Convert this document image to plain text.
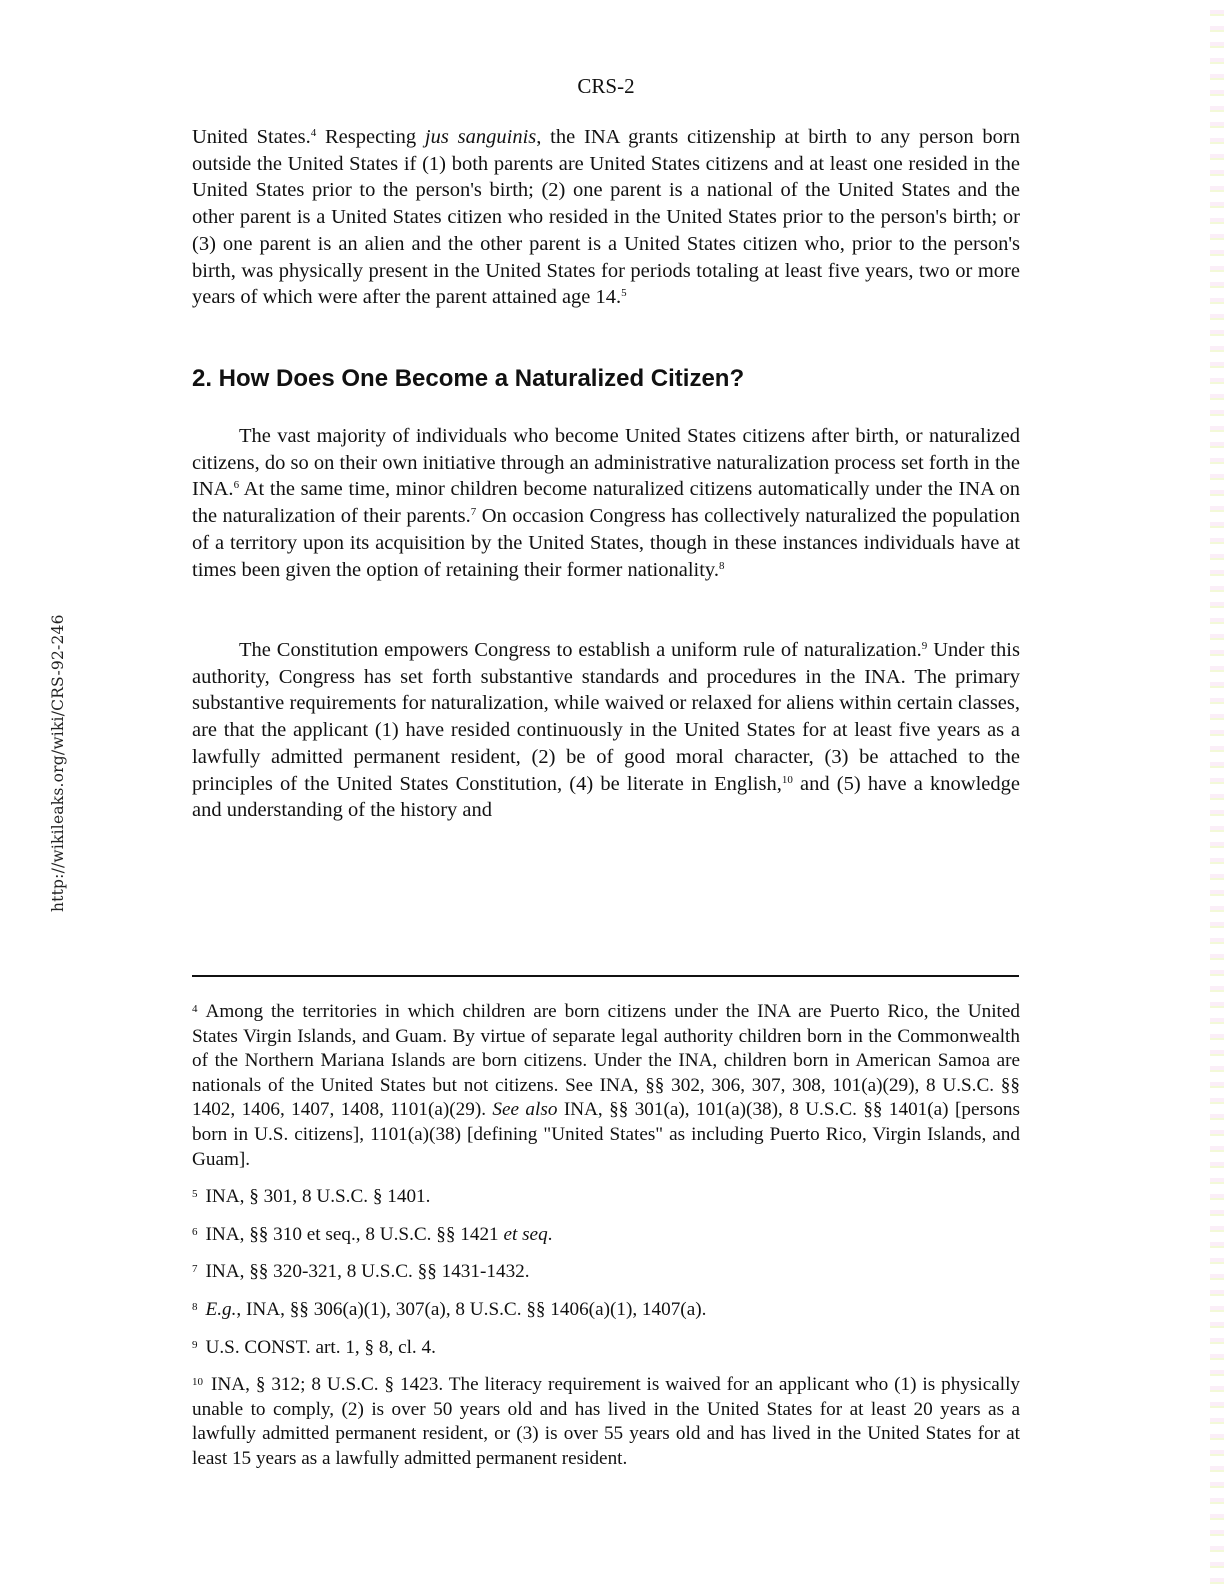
http://wikileaks.org/wiki/CRS-92-246
CRS-2
United States.$^4$ Respecting jus sanguinis, the INA grants citizenship at birth to any person born outside the United States if (1) both parents are United States citizens and at least one resided in the United States prior to the person's birth; (2) one parent is a national of the United States and the other parent is a United States citizen who resided in the United States prior to the person's birth; or (3) one parent is an alien and the other parent is a United States citizen who, prior to the person's birth, was physically present in the United States for periods totaling at least five years, two or more years of which were after the parent attained age 14.$^5$
2. How Does One Become a Naturalized Citizen?
The vast majority of individuals who become United States citizens after birth, or naturalized citizens, do so on their own initiative through an administrative naturalization process set forth in the INA.$^6$ At the same time, minor children become naturalized citizens automatically under the INA on the naturalization of their parents.$^7$ On occasion Congress has collectively naturalized the population of a territory upon its acquisition by the United States, though in these instances individuals have at times been given the option of retaining their former nationality.$^8$
The Constitution empowers Congress to establish a uniform rule of naturalization.$^9$ Under this authority, Congress has set forth substantive standards and procedures in the INA. The primary substantive requirements for naturalization, while waived or relaxed for aliens within certain classes, are that the applicant (1) have resided continuously in the United States for at least five years as a lawfully admitted permanent resident, (2) be of good moral character, (3) be attached to the principles of the United States Constitution, (4) be literate in English,$^{10}$ and (5) have a knowledge and understanding of the history and
$^4$ Among the territories in which children are born citizens under the INA are Puerto Rico, the United States Virgin Islands, and Guam. By virtue of separate legal authority children born in the Commonwealth of the Northern Mariana Islands are born citizens. Under the INA, children born in American Samoa are nationals of the United States but not citizens. See INA, §§ 302, 306, 307, 308, 101(a)(29), 8 U.S.C. §§ 1402, 1406, 1407, 1408, 1101(a)(29). See also INA, §§ 301(a), 101(a)(38), 8 U.S.C. §§ 1401(a) [persons born in U.S. citizens], 1101(a)(38) [defining "United States" as including Puerto Rico, Virgin Islands, and Guam].
$^5$ INA, § 301, 8 U.S.C. § 1401.
$^6$ INA, §§ 310 et seq., 8 U.S.C. §§ 1421 et seq.
$^7$ INA, §§ 320-321, 8 U.S.C. §§ 1431-1432.
$^8$ E.g., INA, §§ 306(a)(1), 307(a), 8 U.S.C. §§ 1406(a)(1), 1407(a).
$^9$ U.S. CONST. art. 1, § 8, cl. 4.
$^{10}$ INA, § 312; 8 U.S.C. § 1423. The literacy requirement is waived for an applicant who (1) is physically unable to comply, (2) is over 50 years old and has lived in the United States for at least 20 years as a lawfully admitted permanent resident, or (3) is over 55 years old and has lived in the United States for at least 15 years as a lawfully admitted permanent resident.
